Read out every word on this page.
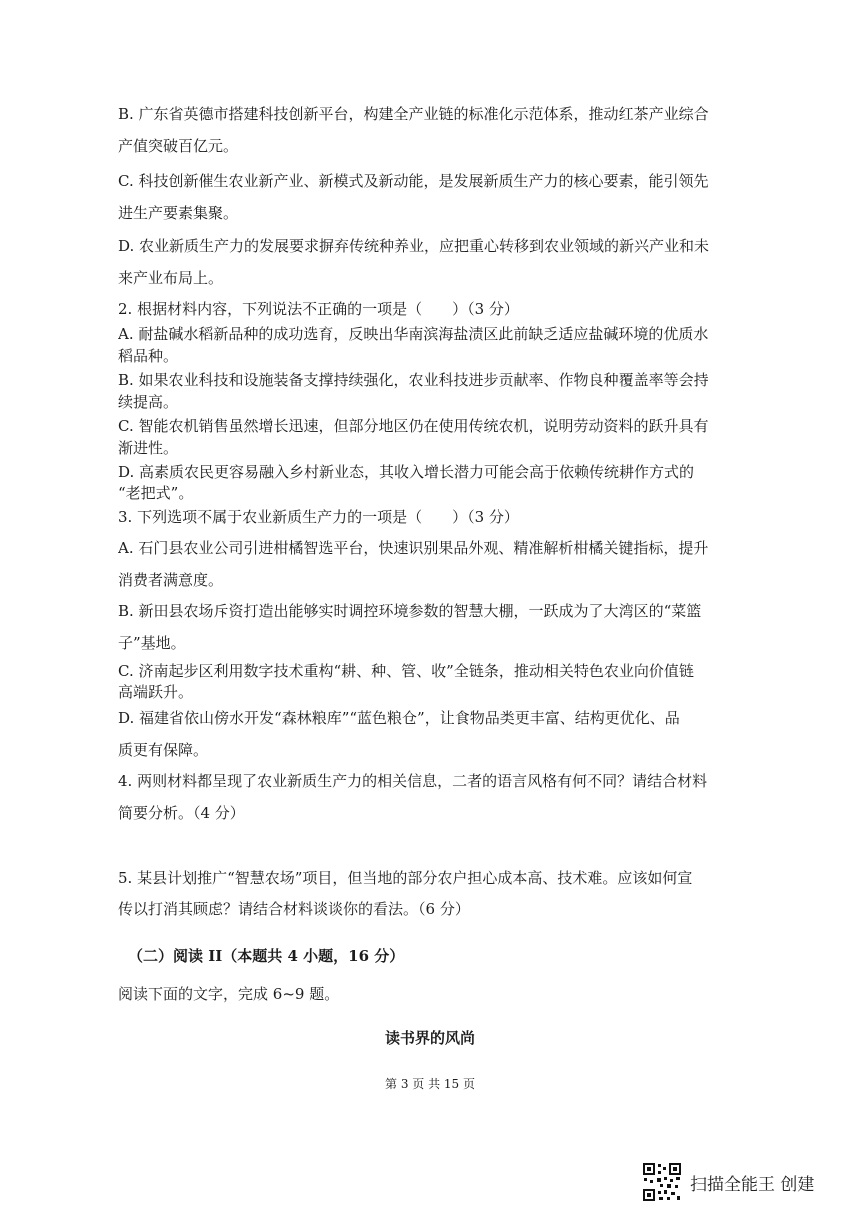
B. 广东省英德市搭建科技创新平台，构建全产业链的标准化示范体系，推动红茶产业综合
产值突破百亿元。
C. 科技创新催生农业新产业、新模式及新动能，是发展新质生产力的核心要素，能引领先
进生产要素集聚。
D. 农业新质生产力的发展要求摒弃传统种养业，应把重心转移到农业领域的新兴产业和未
来产业布局上。
2. 根据材料内容，下列说法不正确的一项是（　　）（3 分）
A. 耐盐碱水稻新品种的成功选育，反映出华南滨海盐渍区此前缺乏适应盐碱环境的优质水
稻品种。
B. 如果农业科技和设施装备支撑持续强化，农业科技进步贡献率、作物良种覆盖率等会持
续提高。
C. 智能农机销售虽然增长迅速，但部分地区仍在使用传统农机，说明劳动资料的跃升具有
渐进性。
D. 高素质农民更容易融入乡村新业态，其收入增长潜力可能会高于依赖传统耕作方式的
“老把式”。
3. 下列选项不属于农业新质生产力的一项是（　　）（3 分）
A. 石门县农业公司引进柑橘智选平台，快速识别果品外观、精准解析柑橘关键指标，提升
消费者满意度。
B. 新田县农场斥资打造出能够实时调控环境参数的智慧大棚，一跃成为了大湾区的“菜篮
子”基地。
C. 济南起步区利用数字技术重构“耕、种、管、收”全链条，推动相关特色农业向价值链
高端跃升。
D. 福建省依山傍水开发“森林粮库”“蓝色粮仓”，让食物品类更丰富、结构更优化、品
质更有保障。
4. 两则材料都呈现了农业新质生产力的相关信息，二者的语言风格有何不同？请结合材料
简要分析。（4 分）
5. 某县计划推广“智慧农场”项目，但当地的部分农户担心成本高、技术难。应该如何宣
传以打消其顾虑？请结合材料谈谈你的看法。（6 分）
（二）阅读 II（本题共 4 小题，16 分）
阅读下面的文字，完成 6~9 题。
读书界的风尚
第 3 页 共 15 页
扫描全能王 创建
